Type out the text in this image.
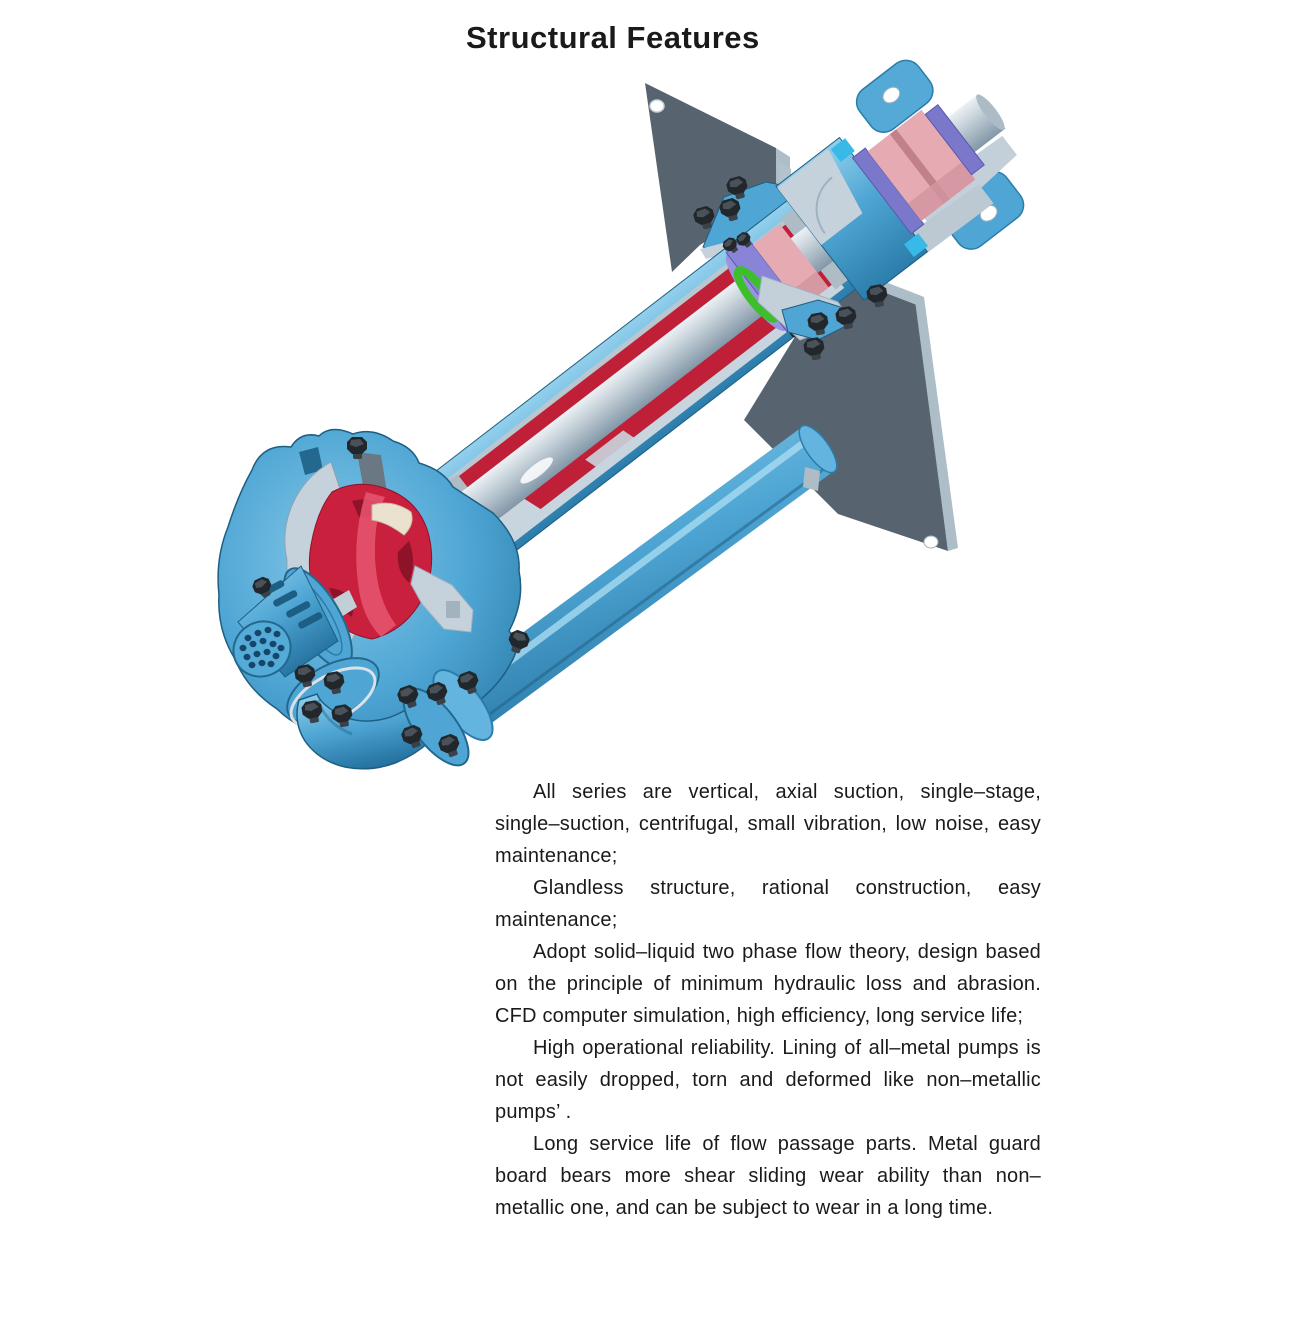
Structural Features

All series are vertical, axial suction, single–stage, single–suction, centrifugal, small vibration, low noise, easy maintenance;

Glandless structure, rational construction, easy maintenance;

Adopt solid–liquid two phase flow theory, design based on the principle of minimum hydraulic loss and abrasion. CFD computer simulation, high efficiency, long service life;

High operational reliability. Lining of all–metal pumps is not easily dropped, torn and deformed like non–metallic pumps’ .

Long service life of flow passage parts. Metal guard board bears more shear sliding wear ability than non–metallic one, and can be subject to wear in a long time.
